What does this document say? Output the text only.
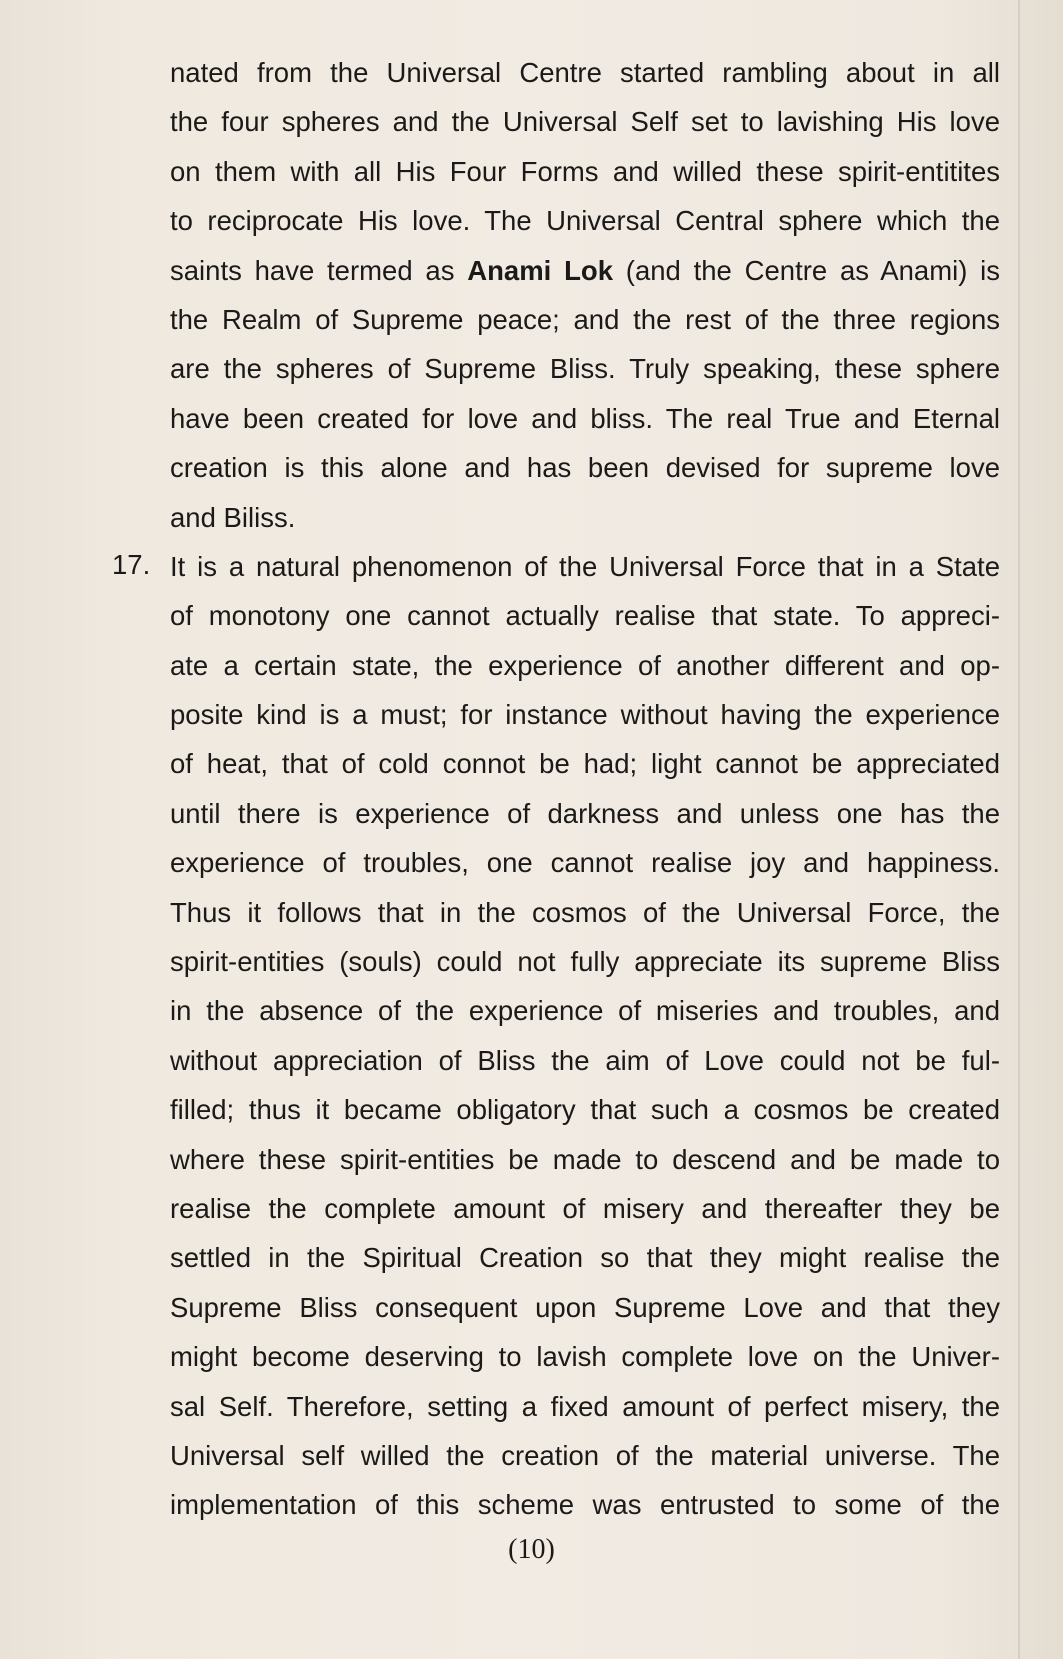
nated from the Universal Centre started rambling about in all
the four spheres and the Universal Self set to lavishing His love
on them with all His Four Forms and willed these spirit-entitites
to reciprocate His love. The Universal Central sphere which the
saints have termed as Anami Lok (and the Centre as Anami) is
the Realm of Supreme peace; and the rest of the three regions
are the spheres of Supreme Bliss. Truly speaking, these sphere
have been created for love and bliss. The real True and Eternal
creation is this alone and has been devised for supreme love
and Biliss.
It is a natural phenomenon of the Universal Force that in a State
of monotony one cannot actually realise that state. To appreci-
ate a certain state, the experience of another different and op-
posite kind is a must; for instance without having the experience
of heat, that of cold connot be had; light cannot be appreciated
until there is experience of darkness and unless one has the
experience of troubles, one cannot realise joy and happiness.
Thus it follows that in the cosmos of the Universal Force, the
spirit-entities (souls) could not fully appreciate its supreme Bliss
in the absence of the experience of miseries and troubles, and
without appreciation of Bliss the aim of Love could not be ful-
filled; thus it became obligatory that such a cosmos be created
where these spirit-entities be made to descend and be made to
realise the complete amount of misery and thereafter they be
settled in the Spiritual Creation so that they might realise the
Supreme Bliss consequent upon Supreme Love and that they
might become deserving to lavish complete love on the Univer-
sal Self. Therefore, setting a fixed amount of perfect misery, the
Universal self willed the creation of the material universe. The
implementation of this scheme was entrusted to some of the
17.
(10)
